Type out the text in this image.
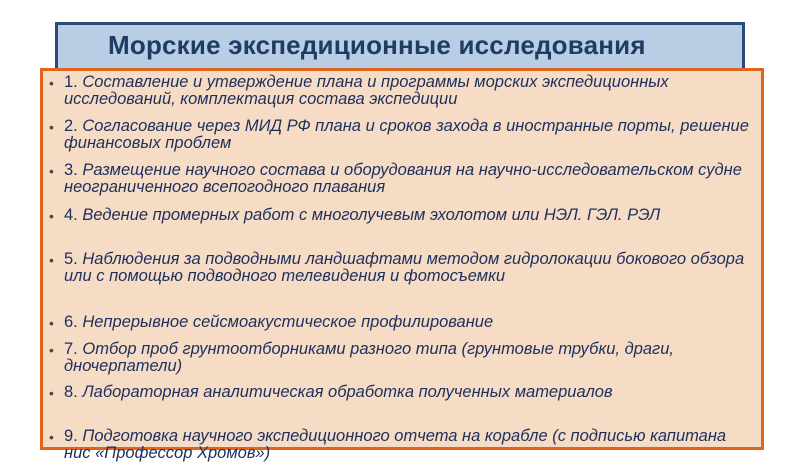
Морские экспедиционные исследования
• 1. Составление и утверждение плана и программы морских экспедиционных исследований, комплектация состава экспедиции
• 2. Согласование через МИД РФ плана и сроков захода в иностранные порты, решение финансовых проблем
• 3. Размещение научного состава и оборудования на научно-исследовательском судне неограниченного всепогодного плавания
• 4. Ведение промерных работ с многолучевым эхолотом или НЭЛ. ГЭЛ. РЭЛ
• 5. Наблюдения за подводными ландшафтами методом гидролокации бокового обзора или с помощью подводного телевидения и фотосъемки
• 6. Непрерывное сейсмоакустическое профилирование
• 7. Отбор проб грунтоотборниками разного типа (грунтовые трубки, драги, дночерпатели)
• 8. Лабораторная аналитическая обработка полученных материалов
• 9. Подготовка научного экспедиционного отчета на корабле (с подписью капитана нис «Профессор Хромов»)
